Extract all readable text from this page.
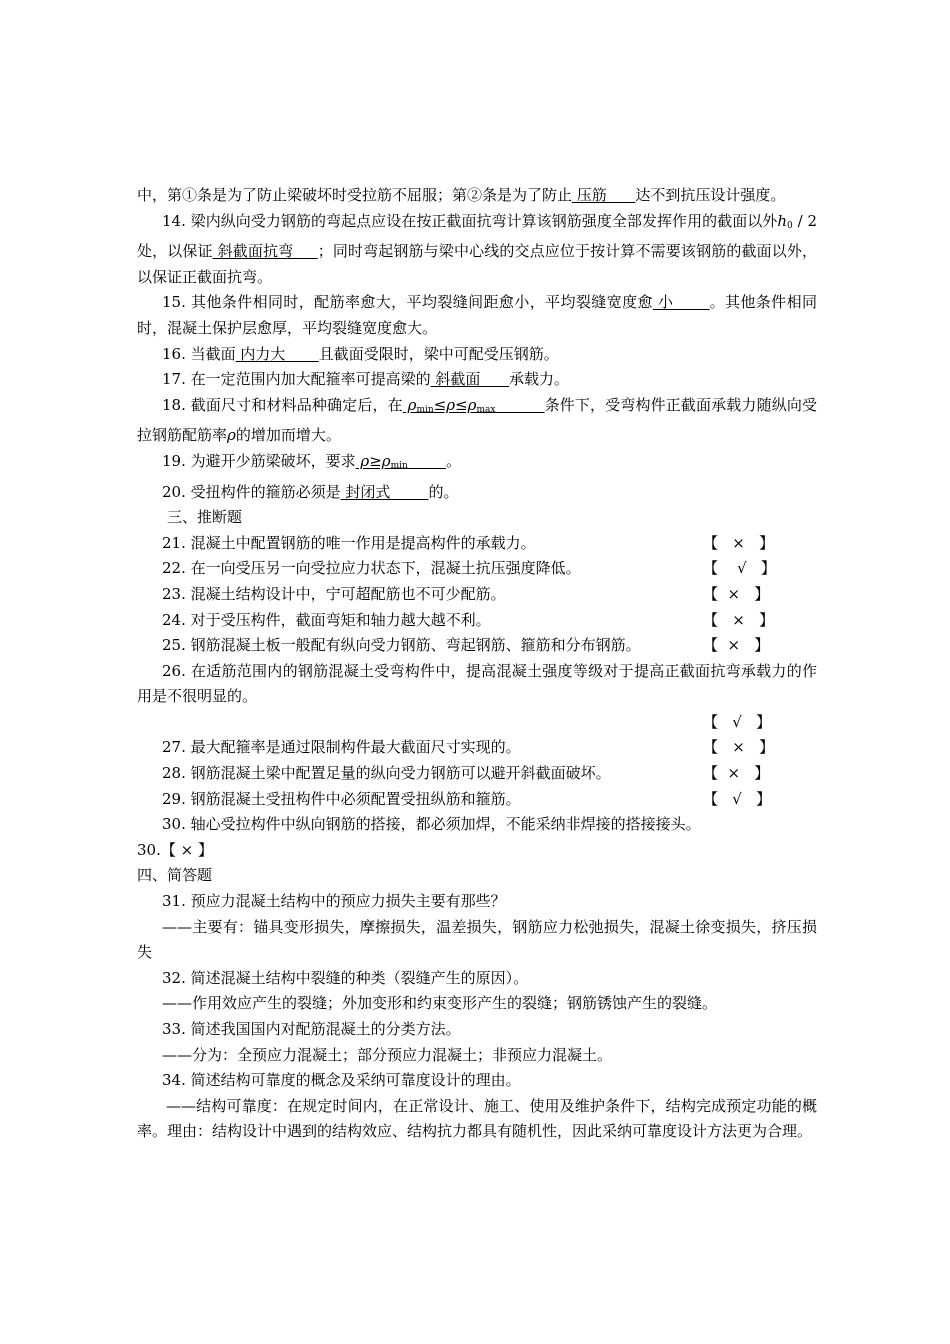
中，第①条是为了防止梁破坏时受拉筋不屈服；第②条是为了防止 压筋      达不到抗压设计强度。

14. 梁内纵向受力钢筋的弯起点应设在按正截面抗弯计算该钢筋强度全部发挥作用的截面以外$h_0 / 2$ 处，以保证 斜截面抗弯     ；同时弯起钢筋与梁中心线的交点应位于按计算不需要该钢筋的截面以外，以保证正截面抗弯。

15. 其他条件相同时，配筋率愈大，平均裂缝间距愈小，平均裂缝宽度愈 小       。其他条件相同时，混凝土保护层愈厚，平均裂缝宽度愈大。

16. 当截面 内力大       且截面受限时，梁中可配受压钢筋。

17. 在一定范围内加大配箍率可提高梁的 斜截面      承载力。

18. 截面尺寸和材料品种确定后，在 $\rho_{min}\le\rho\le\rho_{max}$	条件下，受弯构件正截面承载力随纵向受拉钢筋配筋率ρ的增加而增大。

19. 为避开少筋梁破坏，要求 $\rho\ge\rho_{min}$	。

20. 受扭构件的箍筋必须是 封闭式        的。

三、推断题

21. 混凝土中配置钢筋的唯一作用是提高构件的承载力。	【   ×   】
22. 在一向受压另一向受拉应力状态下，混凝土抗压强度降低。	【    √   】
23. 混凝土结构设计中，宁可超配筋也不可少配筋。	【  ×   】
24. 对于受压构件，截面弯矩和轴力越大越不利。	【   ×   】
25. 钢筋混凝土板一般配有纵向受力钢筋、弯起钢筋、箍筋和分布钢筋。	【  ×   】

26. 在适筋范围内的钢筋混凝土受弯构件中，提高混凝土强度等级对于提高正截面抗弯承载力的作用是不很明显的。

【   √   】
27. 最大配箍率是通过限制构件最大截面尺寸实现的。	【   ×   】
28. 钢筋混凝土梁中配置足量的纵向受力钢筋可以避开斜截面破坏。	【  ×   】
29. 钢筋混凝土受扭构件中必须配置受扭纵筋和箍筋。	【   √   】

30. 轴心受拉构件中纵向钢筋的搭接，都必须加焊，不能采纳非焊接的搭接接头。

30.【 × 】

四、简答题

31. 预应力混凝土结构中的预应力损失主要有那些？

——主要有：锚具变形损失，摩擦损失，温差损失，钢筋应力松弛损失，混凝土徐变损失，挤压损失

32. 简述混凝土结构中裂缝的种类（裂缝产生的原因）。

——作用效应产生的裂缝；外加变形和约束变形产生的裂缝；钢筋锈蚀产生的裂缝。

33. 简述我国国内对配筋混凝土的分类方法。

——分为：全预应力混凝土；部分预应力混凝土；非预应力混凝土。

34. 简述结构可靠度的概念及采纳可靠度设计的理由。

——结构可靠度：在规定时间内，在正常设计、施工、使用及维护条件下，结构完成预定功能的概率。理由：结构设计中遇到的结构效应、结构抗力都具有随机性，因此采纳可靠度设计方法更为合理。
